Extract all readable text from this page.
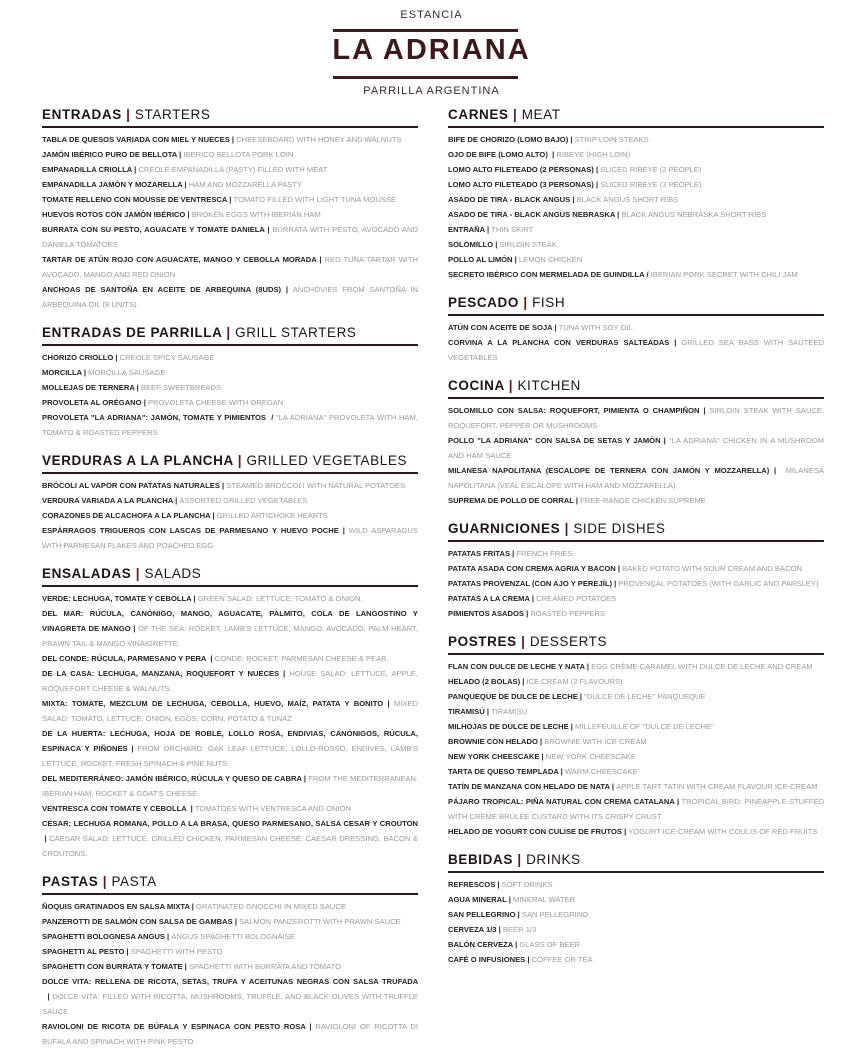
ESTANCIA
LA ADRIANA
PARRILLA ARGENTINA
ENTRADAS | STARTERS
TABLA DE QUESOS VARIADA CON MIEL Y NUECES | CHEESEBOARD WITH HONEY AND WALNUTS
JAMÓN IBÉRICO PURO DE BELLOTA | IBERICO BELLOTA PORK LOIN
EMPANADILLA CRIOLLA | CREOLE EMPANADILLA (PASTY) FILLED WITH MEAT
EMPANADILLA JAMÓN Y MOZARELLA | HAM AND MOZZARELLA PASTY
TOMATE RELLENO CON MOUSSE DE VENTRESCA | TOMATO FILLED WITH LIGHT TUNA MOUSSE
HUEVOS ROTOS CON JAMÓN IBÉRICO | BROKEN EGGS WITH IBERIAN HAM
BURRATA CON SU PESTO, AGUACATE Y TOMATE DANIELA | BURRATA WITH PESTO, AVOCADO AND DANIELA TOMATOES
TARTAR DE ATÚN ROJO CON AGUACATE, MANGO Y CEBOLLA MORADA | RED TUNA TARTAR WITH AVOCADO, MANGO AND RED ONION
ANCHOAS DE SANTOÑA EN ACEITE DE ARBEQUINA (8UDS) | ANCHOVIES FROM SANTOÑA IN ARBEQUINA OIL (8 UNITS)
ENTRADAS DE PARRILLA | GRILL STARTERS
CHORIZO CRIOLLO | CREOLE SPICY SAUSAGE
MORCILLA | MORCILLA SAUSAGE
MOLLEJAS DE TERNERA | BEEF SWEETBREADS
PROVOLETA AL ORÉGANO | PROVOLETA CHEESE WITH OREGAN
PROVOLETA "LA ADRIANA": JAMÓN, TOMATE Y PIMIENTOS  / "LA ADRIANA" PROVOLETA WITH HAM, TOMATO & ROASTED PEPPERS
VERDURAS A LA PLANCHA | GRILLED VEGETABLES
BRÓCOLI AL VAPOR CON PATATAS NATURALES | STEAMED BROCCOLI WITH NATURAL POTATOES
VERDURA VARIADA A LA PLANCHA | ASSORTED GRILLED VEGETABLES
CORAZONES DE ALCACHOFA A LA PLANCHA | GRILLED ARTICHOKE HEARTS
ESPÁRRAGOS TRIGUEROS CON LASCAS DE PARMESANO Y HUEVO POCHE | WILD ASPARAGUS WITH PARMESAN FLAKES AND POACHED EGG
ENSALADAS | SALADS
VERDE: LECHUGA, TOMATE Y CEBOLLA | GREEN SALAD: LETTUCE, TOMATO & ONION.
DEL MAR: RÚCULA, CANÓNIGO, MANGO, AGUACATE, PALMITO, COLA DE LANGOSTINO Y VINAGRETA DE MANGO | OF THE SEA: ROCKET, LAMB'S LETTUCE, MANGO, AVOCADO, PALM HEART, PRAWN TAIL & MANGO VINAIGRETTE.
DEL CONDE: RÚCULA, PARMESANO Y PERA  | CONDE: ROCKET, PARMESAN CHEESE & PEAR.
DE LA CASA: LECHUGA, MANZANA, ROQUEFORT Y NUECES | HOUSE SALAD: LETTUCE, APPLE, ROQUEFORT CHEESE & WALNUTS.
MIXTA: TOMATE, MEZCLUM DE LECHUGA, CEBOLLA, HUEVO, MAÍZ, PATATA Y BONITO | MIXED SALAD: TOMATO, LETTUCE, ONION, EGGS, CORN, POTATO & TUNAZ
DE LA HUERTA: LECHUGA, HOJA DE ROBLE, LOLLO ROSA, ENDIVIAS, CANÓNIGOS, RÚCULA, ESPINACA Y PIÑONES | FROM ORCHARD: OAK LEAF LETTUCE, LOLLO-ROSSO, ENDIVES, LAMB'S LETTUCE, ROCKET, FRESH SPINACH & PINE NUTS
DEL MEDITERRÁNEO: JAMÓN IBÉRICO, RÚCULA Y QUESO DE CABRA | FROM THE MEDITERRANEAN: IBERIAN HAM, ROCKET & GOAT'S CHEESE
VENTRESCA CON TOMATE Y CEBOLLA  | TOMATOES WITH VENTRESCA AND ONION
CÉSAR: LECHUGA ROMANA, POLLO A LA BRASA, QUESO PARMESANO, SALSA CESAR Y CROUTON | CAESAR SALAD: LETTUCE, GRILLED CHICKEN, PARMESAN CHEESE, CAESAR DRESSING, BACON & CROUTONS.
PASTAS | PASTA
ÑOQUIS GRATINADOS EN SALSA MIXTA | GRATINATED GNOCCHI IN MIXED SAUCE
PANZEROTTI DE SALMÓN CON SALSA DE GAMBAS | SALMON PANZEROTTI WITH PRAWN SAUCE
SPAGHETTI BOLOGNESA ANGUS | ANGUS SPAGHETTI BOLOGNAISE
SPAGHETTI AL PESTO | SPAGHETTI WITH PESTO
SPAGHETTI CON BURRATA Y TOMATE | SPAGHETTI WITH BURRATA AND TOMATO
DOLCE VITA: RELLENA DE RICOTA, SETAS, TRUFA Y ACEITUNAS NEGRAS CON SALSA TRUFADA  | DOLCE VITA: FILLED WITH RICOTTA, MUSHROOMS, TRUFFLE, AND BLACK OLIVES WITH TRUFFLE SAUCE.
RAVIOLONI DE RICOTA DE BÚFALA Y ESPINACA CON PESTO ROSA | RAVIOLONI OF RICOTTA DI BUFALA AND SPINACH WITH PINK PESTO
CARNES | MEAT
BIFE DE CHORIZO (LOMO BAJO) | STRIP LOIN STEAKS
OJO DE BIFE (LOMO ALTO)  | RIBEYE (HIGH LOIN)
LOMO ALTO FILETEADO (2 PERSONAS) | SLICED RIBEYE (2 PEOPLE)
LOMO ALTO FILETEADO (3 PERSONAS) | SLICED RIBEYE (3 PEOPLE)
ASADO DE TIRA - BLACK ANGUS | BLACK ANGUS SHORT RIBS
ASADO DE TIRA - BLACK ANGUS NEBRASKA | BLACK ANGUS NEBRASKA SHORT RIBS
ENTRAÑA | THIN SKIRT
SOLOMILLO | SIRLOIN STEAK
POLLO AL LIMÓN | LEMON CHICKEN
SECRETO IBÉRICO CON MERMELADA DE GUINDILLA / IBERIAN PORK SECRET WITH CHILI JAM
PESCADO | FISH
ATÚN CON ACEITE DE SOJA | TUNA WITH SOY OIL
CORVINA A LA PLANCHA CON VERDURAS SALTEADAS | GRILLED SEA BASS WITH SAUTÉED VEGETABLES
COCINA | KITCHEN
SOLOMILLO CON SALSA: ROQUEFORT, PIMIENTA O CHAMPIÑON | SIRLOIN STEAK WITH SAUCE: ROQUEFORT, PEPPER OR MUSHROOMS
POLLO "LA ADRIANA" CON SALSA DE SETAS Y JAMÓN | "LA ADRIANA" CHICKEN IN A MUSHROOM AND HAM SAUCE
MILANESA NAPOLITANA (ESCALOPE DE TERNERA CON JAMÓN Y MOZZARELLA) |  MILANESA NAPOLITANA (VEAL ESCALOPE WITH HAM AND MOZZARELLA)
SUPREMA DE POLLO DE CORRAL | FREE-RANGE CHICKEN SUPREME
GUARNICIONES | SIDE DISHES
PATATAS FRITAS | FRENCH FRIES
PATATA ASADA CON CREMA AGRIA Y BACON | BAKED POTATO WITH SOUR CREAM AND BACON
PATATAS PROVENZAL (CON AJO Y PEREJÍL) | PROVENÇAL POTATOES (WITH GARLIC AND PARSLEY)
PATATAS A LA CREMA | CREAMED POTATOES
PIMIENTOS ASADOS | ROASTED PEPPERS
POSTRES | DESSERTS
FLAN CON DULCE DE LECHE Y NATA | EGG CRÈME CARAMEL WITH DULCE DE LECHE AND CREAM
HELADO (2 BOLAS) | ICE CREAM (2 FLAVOURS)
PANQUEQUE DE DULCE DE LECHE | "DULCE DE LECHE" PANQUEQUE
TIRAMISÚ | TIRAMISU
MILHOJAS DE DULCE DE LECHE | MILLEFEUILLE OF "DULCE DE LECHE"
BROWNIE CON HELADO | BROWNIE WITH ICE-CREAM
NEW YORK CHEESCAKE | NEW YORK CHEESCAKE
TARTA DE QUESO TEMPLADA | WARM CHEESCAKE
TATÍN DE MANZANA CON HELADO DE NATA | APPLE TART TATIN WITH CREAM FLAVOUR ICE-CREAM
PÁJARO TROPICAL: PIÑA NATURAL CON CREMA CATALANA | TROPICAL BIRD: PINEAPPLE STUFFED WITH CRÈME BRÛLÉE CUSTARD WITH ITS CRISPY CRUST
HELADO DE YOGURT CON CULISE DE FRUTOS | YOGURT ICE-CREAM WITH COULIS OF RED FRUITS
BEBIDAS | DRINKS
REFRESCOS | SOFT DRINKS
AGUA MINERAL | MINERAL WATER
SAN PELLEGRINO | SAN PELLEGRINO
CERVEZA 1/3 | BEER 1/3
BALÓN CERVEZA | GLASS OF BEER
CAFÉ O INFUSIONES | COFFEE OR TEA
